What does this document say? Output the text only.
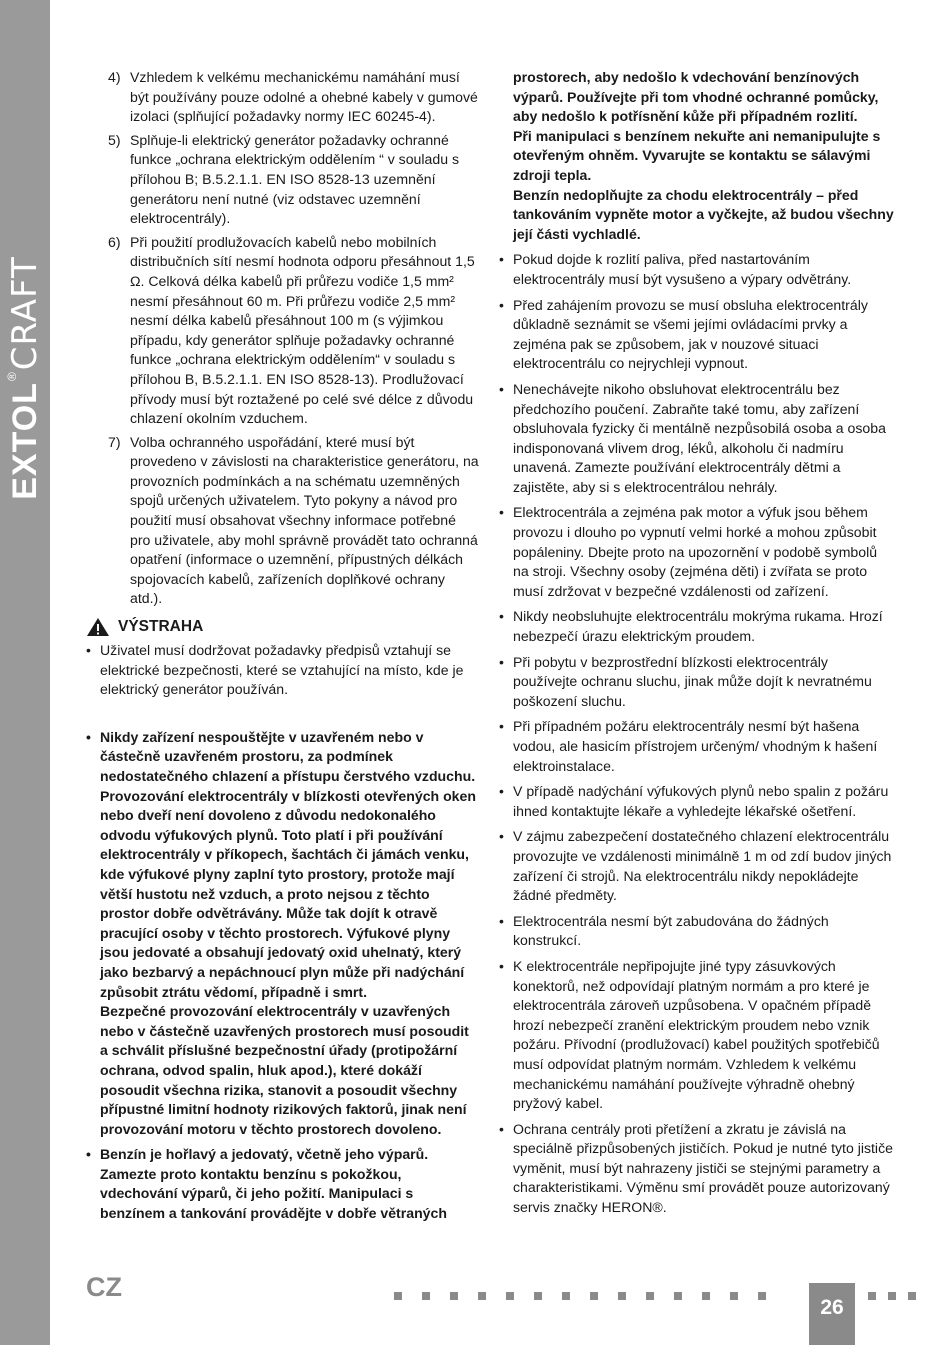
EXTOL®CRAFT
4) Vzhledem k velkému mechanickému namáhání musí být používány pouze odolné a ohebné kabely v gumové izolaci (splňující požadavky normy IEC 60245-4).
5) Splňuje-li elektrický generátor požadavky ochranné funkce „ochrana elektrickým oddělením “ v souladu s přílohou B; B.5.2.1.1. EN ISO 8528-13 uzemnění generátoru není nutné (viz odstavec uzemnění elektrocentrály).
6) Při použití prodlužovacích kabelů nebo mobilních distribučních sítí nesmí hodnota odporu přesáhnout 1,5 Ω. Celková délka kabelů při průřezu vodiče 1,5 mm² nesmí přesáhnout 60 m. Při průřezu vodiče 2,5 mm² nesmí délka kabelů přesáhnout 100 m (s výjimkou případu, kdy generátor splňuje požadavky ochranné funkce „ochrana elektrickým oddělením“ v souladu s přílohou B, B.5.2.1.1. EN ISO 8528-13). Prodlužovací přívody musí být roztažené po celé své délce z důvodu chlazení okolním vzduchem.
7) Volba ochranného uspořádání, které musí být provedeno v závislosti na charakteristice generátoru, na provozních podmínkách a na schématu uzemněných spojů určených uživatelem. Tyto pokyny a návod pro použití musí obsahovat všechny informace potřebné pro uživatele, aby mohl správně provádět tato ochranná opatření (informace o uzemnění, přípustných délkách spojovacích kabelů, zařízeních doplňkové ochrany atd.).
VÝSTRAHA
• Uživatel musí dodržovat požadavky předpisů vztahují se elektrické bezpečnosti, které se vztahující na místo, kde je elektrický generátor používán.
• Nikdy zařízení nespouštějte v uzavřeném nebo v částečně uzavřeném prostoru, za podmínek nedostatečného chlazení a přístupu čerstvého vzduchu. Provozování elektrocentrály v blízkosti otevřených oken nebo dveří není dovoleno z důvodu nedokonalého odvodu výfukových plynů. Toto platí i při používání elektrocentrály v příkopech, šachtách či jámách venku, kde výfukové plyny zaplní tyto prostory, protože mají větší hustotu než vzduch, a proto nejsou z těchto prostor dobře odvětrávány. Může tak dojít k otravě pracující osoby v těchto prostorech. Výfukové plyny jsou jedovaté a obsahují jedovatý oxid uhelnatý, který jako bezbarvý a nepáchnoucí plyn může při nadýchání způsobit ztrátu vědomí, případně i smrt.
Bezpečné provozování elektrocentrály v uzavřených nebo v částečně uzavřených prostorech musí posoudit a schválit příslušné bezpečnostní úřady (protipožární ochrana, odvod spalin, hluk apod.), které dokáží posoudit všechna rizika, stanovit a posoudit všechny přípustné limitní hodnoty rizikových faktorů, jinak není provozování motoru v těchto prostorech dovoleno.
• Benzín je hořlavý a jedovatý, včetně jeho výparů. Zamezte proto kontaktu benzínu s pokožkou, vdechování výparů, či jeho požití. Manipulaci s benzínem a tankování provádějte v dobře větraných
prostorech, aby nedošlo k vdechování benzínových výparů. Používejte při tom vhodné ochranné pomůcky, aby nedošlo k potřísnění kůže při případném rozlití.
Při manipulaci s benzínem nekuřte ani nemanipulujte s otevřeným ohněm. Vyvarujte se kontaktu se sálavými zdroji tepla.
Benzín nedoplňujte za chodu elektrocentrály – před tankováním vypněte motor a vyčkejte, až budou všechny její části vychladlé.
• Pokud dojde k rozlití paliva, před nastartováním elektrocentrály musí být vysušeno a výpary odvětrány.
• Před zahájením provozu se musí obsluha elektrocentrály důkladně seznámit se všemi jejími ovládacími prvky a zejména pak se způsobem, jak v nouzové situaci elektrocentrálu co nejrychleji vypnout.
• Nenechávejte nikoho obsluhovat elektrocentrálu bez předchozího poučení. Zabraňte také tomu, aby zařízení obsluhovala fyzicky či mentálně nezpůsobilá osoba a osoba indisponovaná vlivem drog, léků, alkoholu či nadmíru unavená. Zamezte používání elektrocentrály dětmi a zajistěte, aby si s elektrocentrálou nehrály.
• Elektrocentrála a zejména pak motor a výfuk jsou během provozu i dlouho po vypnutí velmi horké a mohou způsobit popáleniny. Dbejte proto na upozornění v podobě symbolů na stroji. Všechny osoby (zejména děti) i zvířata se proto musí zdržovat v bezpečné vzdálenosti od zařízení.
• Nikdy neobsluhujte elektrocentrálu mokrýma rukama. Hrozí nebezpečí úrazu elektrickým proudem.
• Při pobytu v bezprostřední blízkosti elektrocentrály používejte ochranu sluchu, jinak může dojít k nevratnému poškození sluchu.
• Při případném požáru elektrocentrály nesmí být hašena vodou, ale hasicím přístrojem určeným/ vhodným k hašení elektroinstalace.
• V případě nadýchání výfukových plynů nebo spalin z požáru ihned kontaktujte lékaře a vyhledejte lékařské ošetření.
• V zájmu zabezpečení dostatečného chlazení elektrocentrálu provozujte ve vzdálenosti minimálně 1 m od zdí budov jiných zařízení či strojů. Na elektrocentrálu nikdy nepokládejte žádné předměty.
• Elektrocentrála nesmí být zabudována do žádných konstrukcí.
• K elektrocentrále nepřipojujte jiné typy zásuvkových konektorů, než odpovídají platným normám a pro které je elektrocentrála zároveň uzpůsobena. V opačném případě hrozí nebezpečí zranění elektrickým proudem nebo vznik požáru. Přívodní (prodlužovací) kabel použitých spotřebičů musí odpovídat platným normám. Vzhledem k velkému mechanickému namáhání používejte výhradně ohebný pryžový kabel.
• Ochrana centrály proti přetížení a zkratu je závislá na speciálně přizpůsobených jističích. Pokud je nutné tyto jističe vyměnit, musí být nahrazeny jističi se stejnými parametry a charakteristikami. Výměnu smí provádět pouze autorizovaný servis značky HERON®.
CZ
26
